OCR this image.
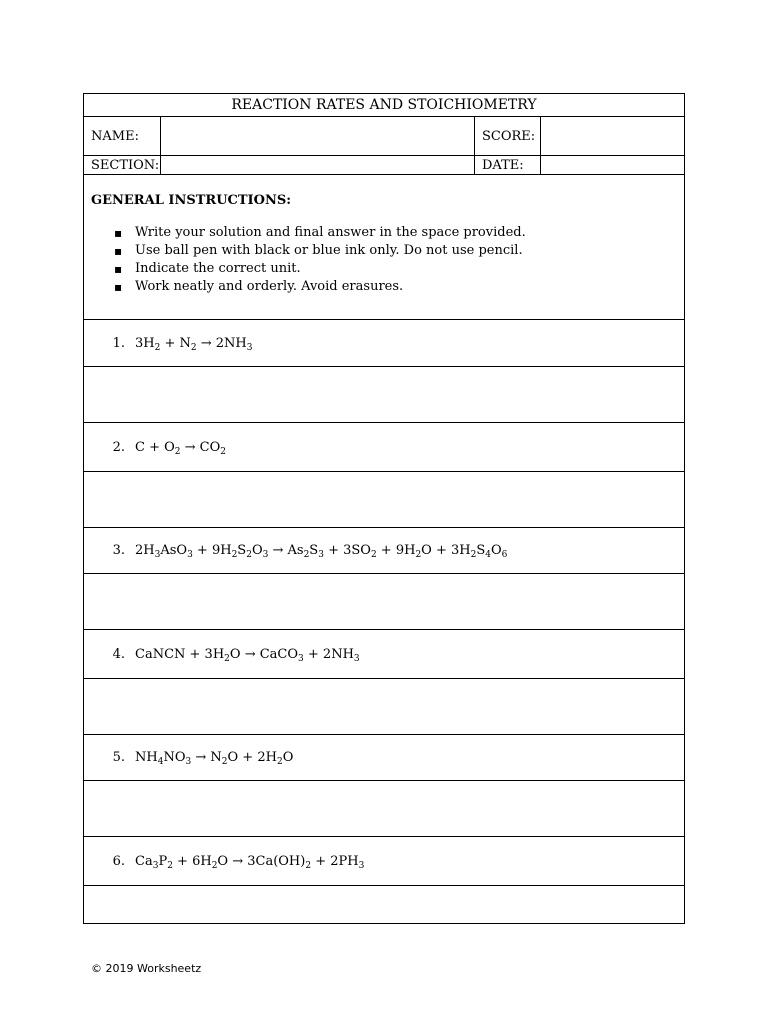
REACTION RATES AND STOICHIOMETRY
NAME:	SCORE:
SECTION:	DATE:
GENERAL INSTRUCTIONS:
▪ Write your solution and final answer in the space provided.
▪ Use ball pen with black or blue ink only. Do not use pencil.
▪ Indicate the correct unit.
▪ Work neatly and orderly. Avoid erasures.
1. $3H_2 + N_2 \to 2NH_3$
2. $C + O_2 \to CO_2$
3. $2H_3AsO_3 + 9H_2S_2O_3 \to As_2S_3 + 3SO_2 + 9H_2O + 3H_2S_4O_6$
4. CaNCN + $3H_2O$ → CaCO$_3$ + $2NH_3$
5. $NH_4NO_3 \to N_2O + 2H_2O$
6. $Ca_3P_2 + 6H_2O \to 3Ca(OH)_2 + 2PH_3$
© 2019 Worksheetz
